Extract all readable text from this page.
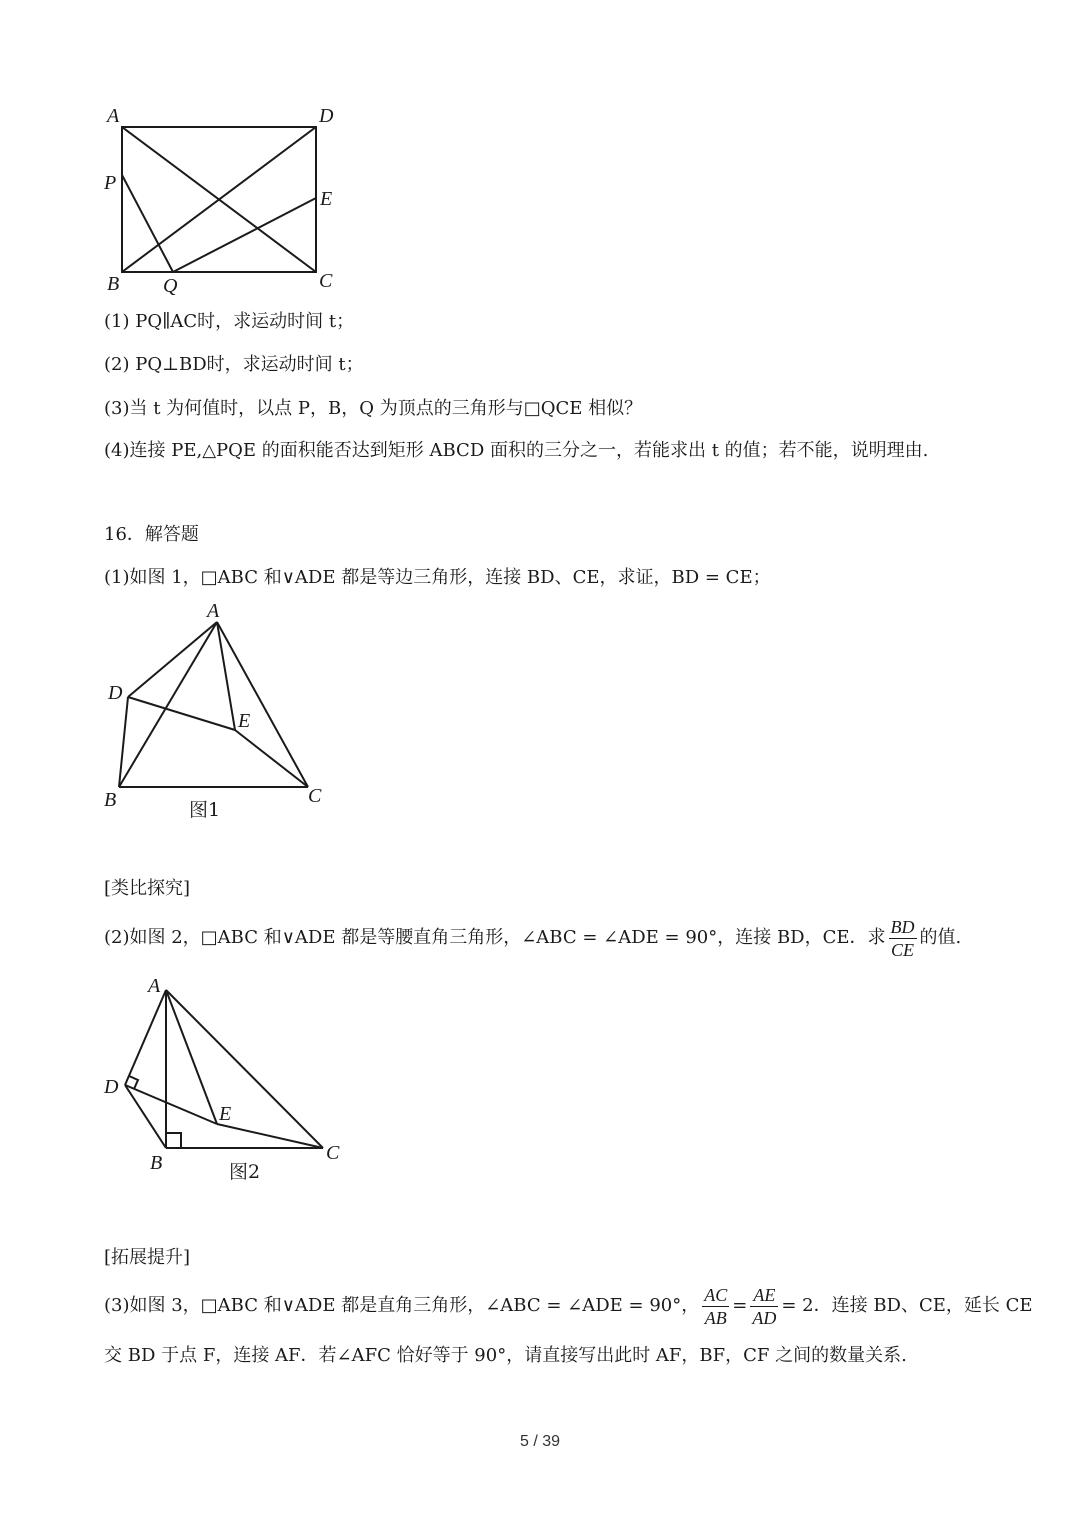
A	D
P
E
B Q	C
(1) PQ∥AC时，求运动时间 t；
(2) PQ⊥BD时，求运动时间 t；
(3)当 t 为何值时，以点 P，B，Q 为顶点的三角形与□QCE 相似？
(4)连接 PE,△PQE 的面积能否达到矩形 ABCD 面积的三分之一，若能求出 t 的值；若不能，说明理由.
16．解答题
(1)如图 1，□ABC 和∨ADE 都是等边三角形，连接 BD、CE，求证，BD = CE；
A
D
E
B	C
图1
[类比探究]
(2)如图 2，□ABC 和∨ADE 都是等腰直角三角形，∠ABC = ∠ADE = 90°，连接 BD，CE．求 $\frac{BD}{CE}$ 的值.
A
D
E
B	C
图2
[拓展提升]
(3)如图 3，□ABC 和∨ADE 都是直角三角形，∠ABC = ∠ADE = 90°， $\frac{AC}{AB} = \frac{AE}{AD} = 2$．连接 BD、CE，延长 CE
交 BD 于点 F，连接 AF．若∠AFC 恰好等于 90°，请直接写出此时 AF，BF，CF 之间的数量关系.
5 / 39
